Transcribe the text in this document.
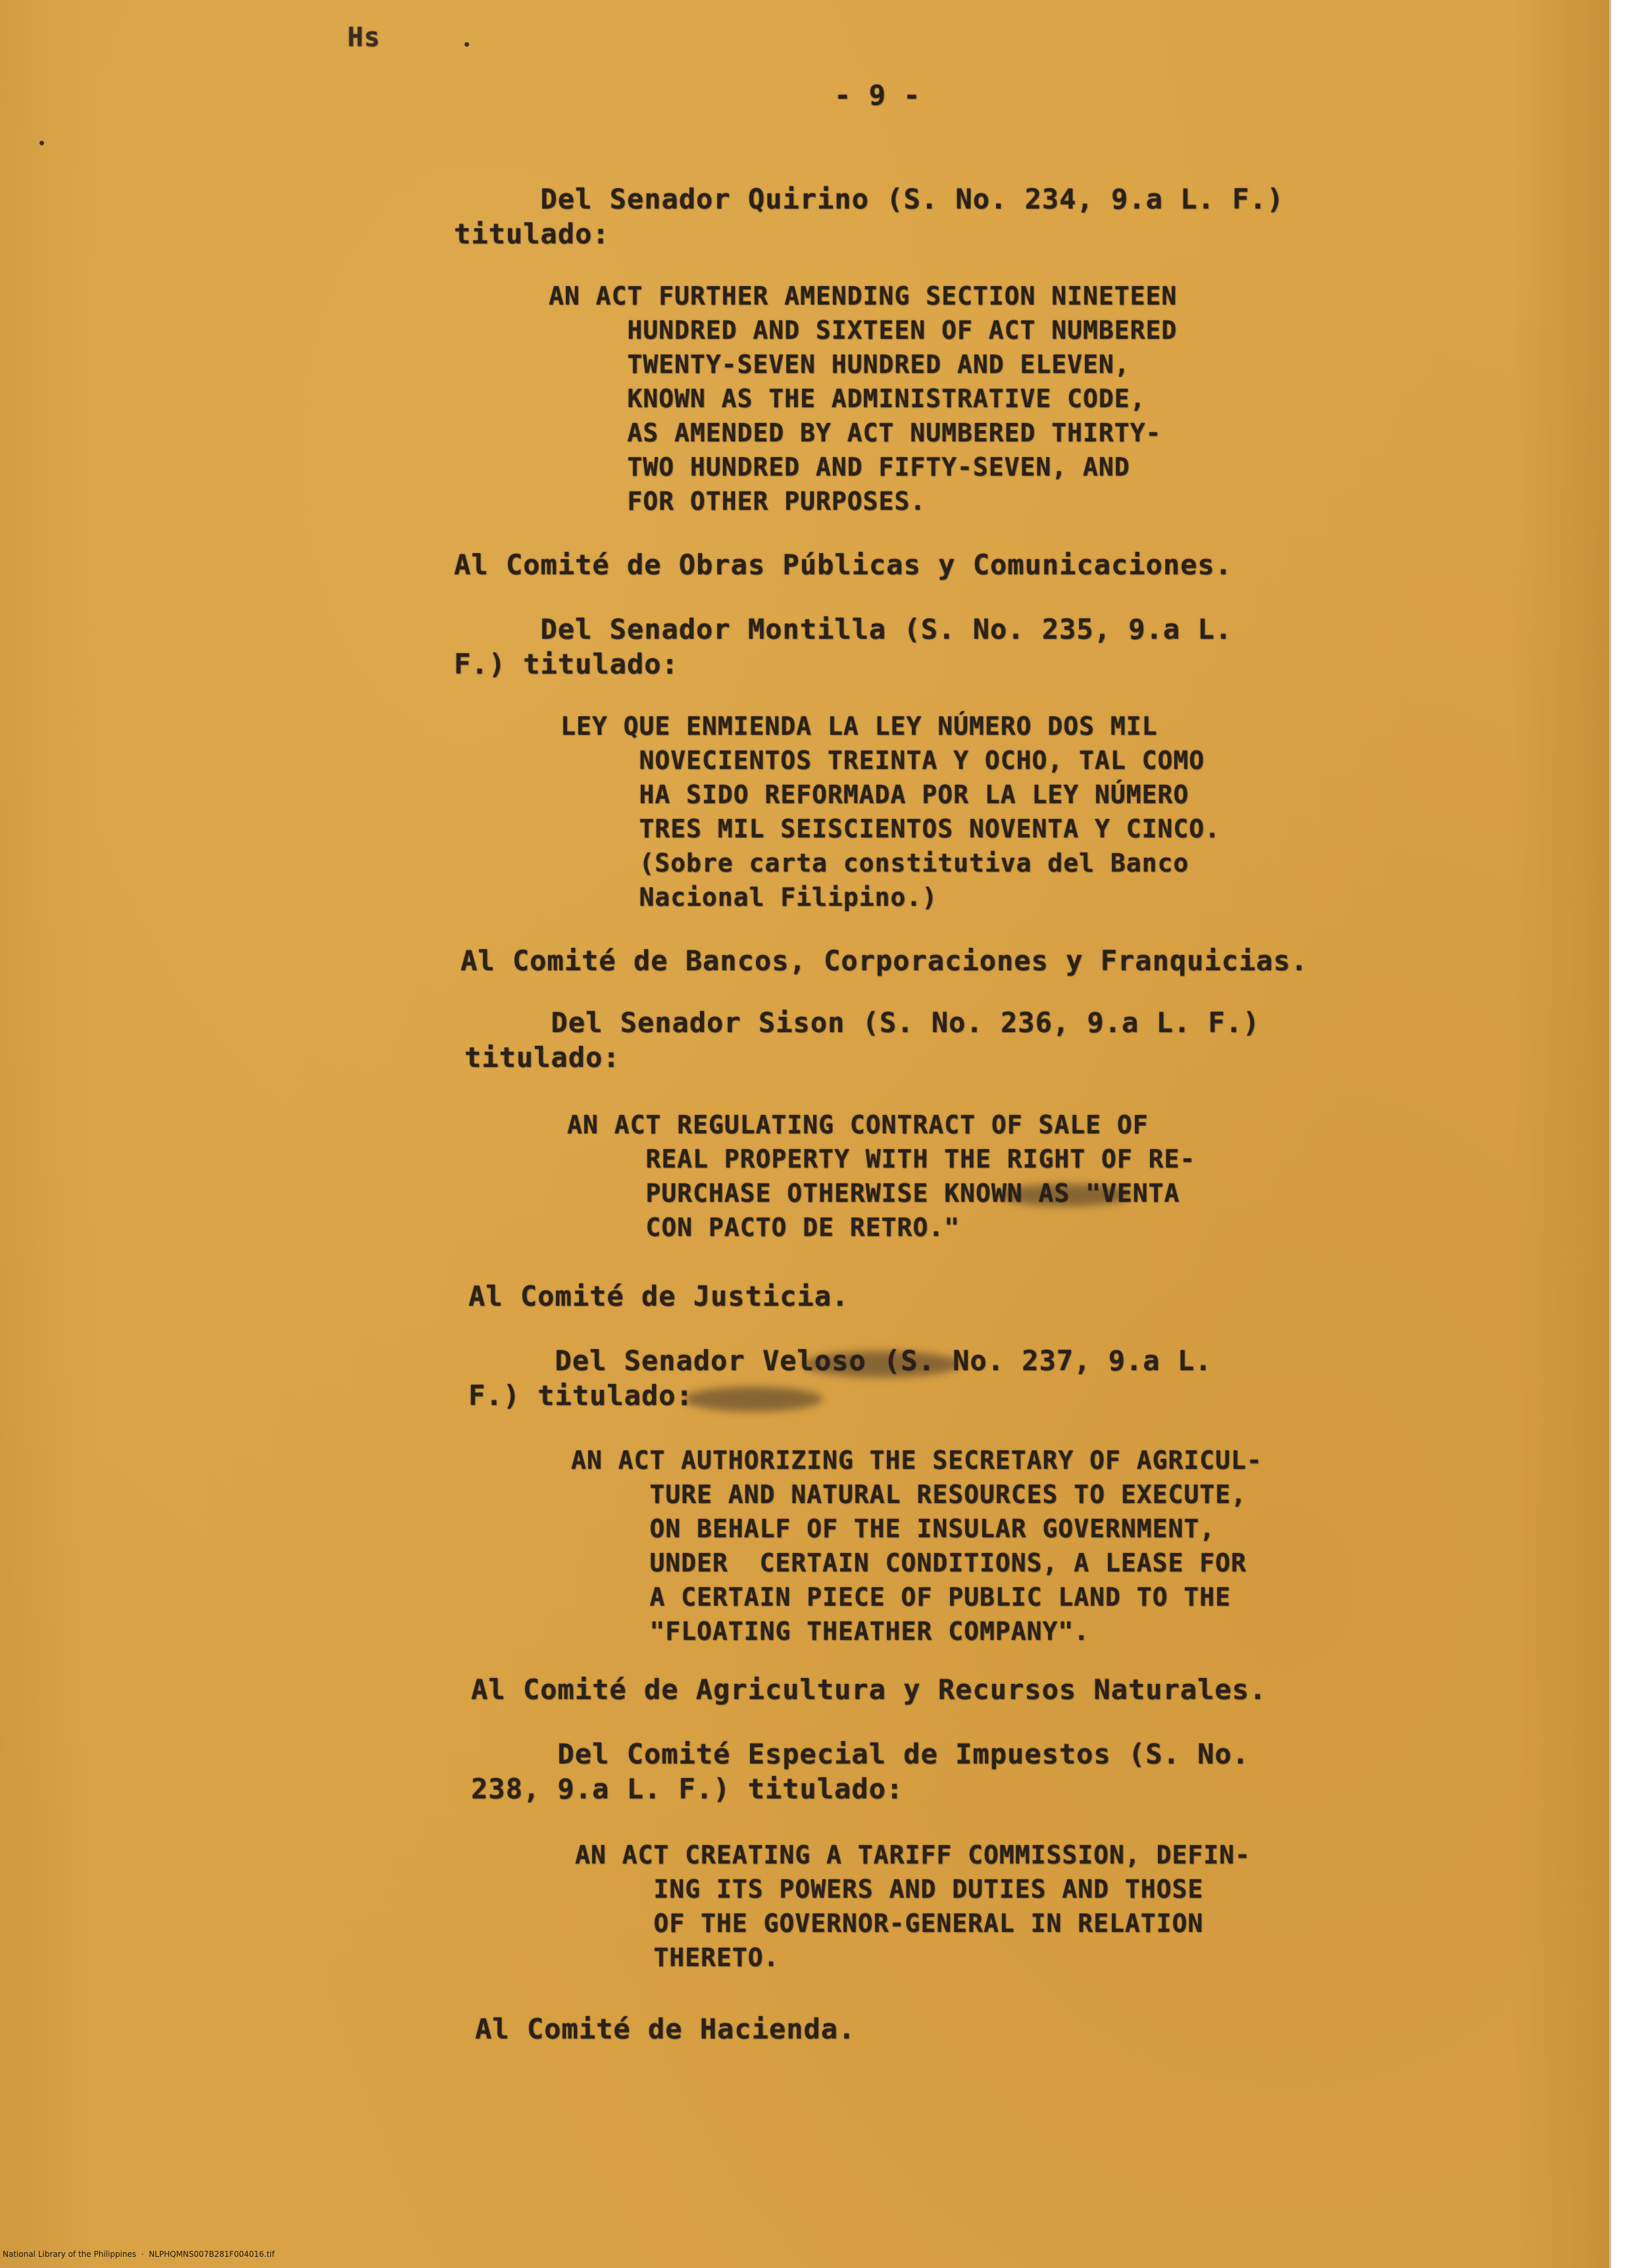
Hs
- 9 -
Del Senador Quirino (S. No. 234, 9.a L. F.)
titulado:
AN ACT FURTHER AMENDING SECTION NINETEEN
HUNDRED AND SIXTEEN OF ACT NUMBERED
TWENTY-SEVEN HUNDRED AND ELEVEN,
KNOWN AS THE ADMINISTRATIVE CODE,
AS AMENDED BY ACT NUMBERED THIRTY-
TWO HUNDRED AND FIFTY-SEVEN, AND
FOR OTHER PURPOSES.
Al Comité de Obras Públicas y Comunicaciones.
Del Senador Montilla (S. No. 235, 9.a L.
F.) titulado:
LEY QUE ENMIENDA LA LEY NÚMERO DOS MIL
NOVECIENTOS TREINTA Y OCHO, TAL COMO
HA SIDO REFORMADA POR LA LEY NÚMERO
TRES MIL SEISCIENTOS NOVENTA Y CINCO.
(Sobre carta constitutiva del Banco
Nacional Filipino.)
Al Comité de Bancos, Corporaciones y Franquicias.
Del Senador Sison (S. No. 236, 9.a L. F.)
titulado:
AN ACT REGULATING CONTRACT OF SALE OF
REAL PROPERTY WITH THE RIGHT OF RE-
PURCHASE OTHERWISE KNOWN AS "VENTA
CON PACTO DE RETRO."
Al Comité de Justicia.
Del Senador Veloso (S. No. 237, 9.a L.
F.) titulado:
AN ACT AUTHORIZING THE SECRETARY OF AGRICUL-
TURE AND NATURAL RESOURCES TO EXECUTE,
ON BEHALF OF THE INSULAR GOVERNMENT,
UNDER  CERTAIN CONDITIONS, A LEASE FOR
A CERTAIN PIECE OF PUBLIC LAND TO THE
"FLOATING THEATHER COMPANY".
Al Comité de Agricultura y Recursos Naturales.
Del Comité Especial de Impuestos (S. No.
238, 9.a L. F.) titulado:
AN ACT CREATING A TARIFF COMMISSION, DEFIN-
ING ITS POWERS AND DUTIES AND THOSE
OF THE GOVERNOR-GENERAL IN RELATION
THERETO.
Al Comité de Hacienda.
National Library of the Philippines  ·  NLPHQMNS007B281F004016.tif
